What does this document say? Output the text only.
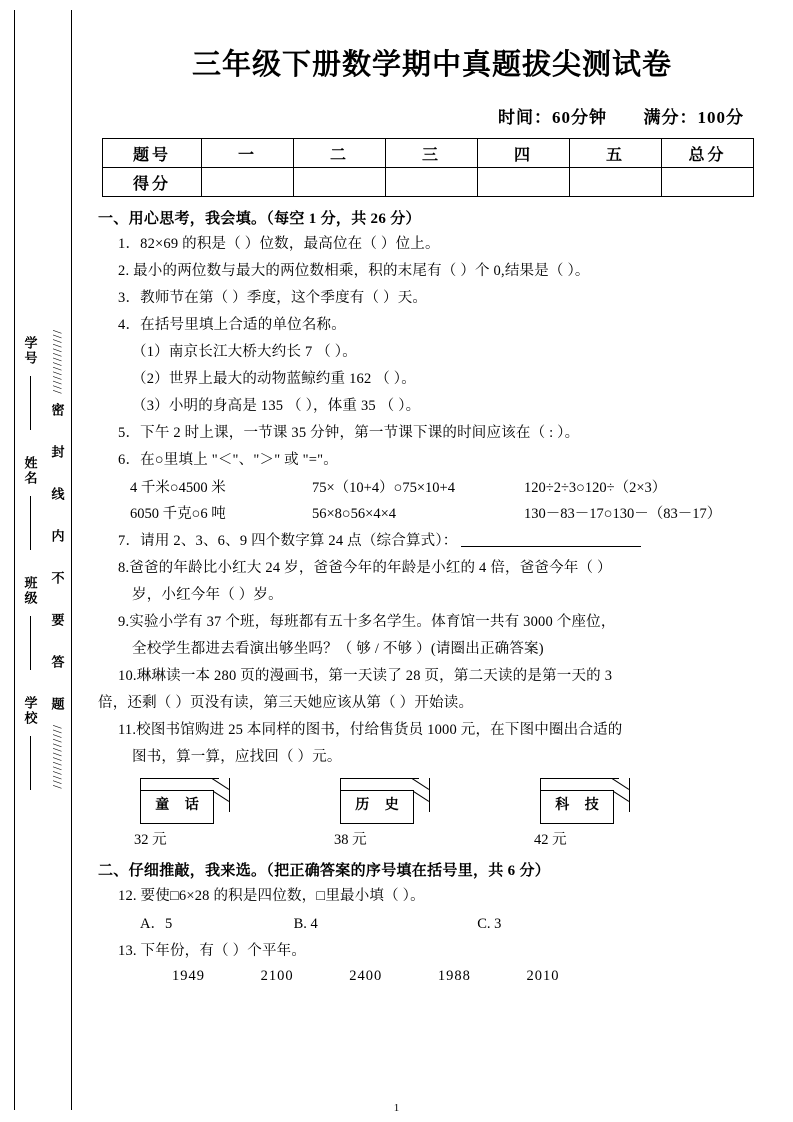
学号
姓名
班级
学校
//////////////
密 封 线 内 不 要 答 题
//////////////
三年级下册数学期中真题拔尖测试卷
时间：60分钟 满分：100分
题号	一	二	三	四	五	总分
得分						
一、用心思考，我会填。（每空 1 分，共 26 分）
1．82×69 的积是（ ）位数，最高位在（ ）位上。
2. 最小的两位数与最大的两位数相乘，积的末尾有（ ）个 0,结果是（ ）。
3．教师节在第（ ）季度，这个季度有（ ）天。
4．在括号里填上合适的单位名称。
（1）南京长江大桥大约长 7 （ ）。
（2）世界上最大的动物蓝鲸约重 162 （ ）。
（3）小明的身高是 135 （ ），体重 35 （ ）。
5．下午 2 时上课，一节课 35 分钟，第一节课下课的时间应该在（ : ）。
6．在○里填上 "＜"、"＞" 或 "="。
4 千米○4500 米	75×（10+4）○75×10+4	120÷2÷3○120÷（2×3）
6050 千克○6 吨	56×8○56×4×4	130－83－17○130－（83－17）
7．请用 2、3、6、9 四个数字算 24 点（综合算式）：
8.爸爸的年龄比小红大 24 岁，爸爸今年的年龄是小红的 4 倍，爸爸今年（ ）
岁，小红今年（ ）岁。
9.实验小学有 37 个班，每班都有五十多名学生。体育馆一共有 3000 个座位，
全校学生都进去看演出够坐吗？（ 够 / 不够 ）(请圈出正确答案)
10.琳琳读一本 280 页的漫画书，第一天读了 28 页，第二天读的是第一天的 3
倍，还剩（ ）页没有读，第三天她应该从第（ ）开始读。
11.校图书馆购进 25 本同样的图书，付给售货员 1000 元，在下图中圈出合适的
图书，算一算，应找回（ ）元。
童 话
32 元
历 史
38 元
科 技
42 元
二、仔细推敲，我来选。（把正确答案的序号填在括号里，共 6 分）
12. 要使□6×28 的积是四位数，□里最小填（ ）。
A．5	B. 4	C. 3
13. 下年份，有（ ）个平年。
1949	2100	2400	1988	2010
1
